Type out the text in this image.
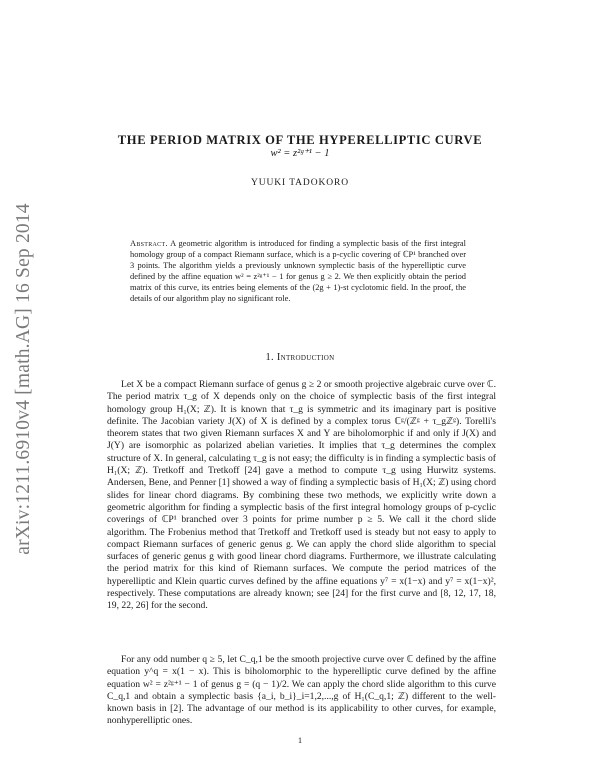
arXiv:1211.6910v4 [math.AG] 16 Sep 2014
THE PERIOD MATRIX OF THE HYPERELLIPTIC CURVE
w² = z²ᵍ⁺¹ − 1
YUUKI TADOKORO
Abstract. A geometric algorithm is introduced for finding a symplectic basis of the first integral homology group of a compact Riemann surface, which is a p-cyclic covering of ℂP¹ branched over 3 points. The algorithm yields a previously unknown symplectic basis of the hyperelliptic curve defined by the affine equation w² = z²ᵍ⁺¹ − 1 for genus g ≥ 2. We then explicitly obtain the period matrix of this curve, its entries being elements of the (2g + 1)-st cyclotomic field. In the proof, the details of our algorithm play no significant role.
1. Introduction

Let X be a compact Riemann surface of genus g ≥ 2 or smooth projective algebraic curve over ℂ. The period matrix τ_g of X depends only on the choice of symplectic basis of the first integral homology group H₁(X; ℤ). It is known that τ_g is symmetric and its imaginary part is positive definite. The Jacobian variety J(X) of X is defined by a complex torus ℂᵍ/(ℤᵍ + τ_gℤᵍ). Torelli's theorem states that two given Riemann surfaces X and Y are biholomorphic if and only if J(X) and J(Y) are isomorphic as polarized abelian varieties. It implies that τ_g determines the complex structure of X. In general, calculating τ_g is not easy; the difficulty is in finding a symplectic basis of H₁(X; ℤ). Tretkoff and Tretkoff [24] gave a method to compute τ_g using Hurwitz systems. Andersen, Bene, and Penner [1] showed a way of finding a symplectic basis of H₁(X; ℤ) using chord slides for linear chord diagrams. By combining these two methods, we explicitly write down a geometric algorithm for finding a symplectic basis of the first integral homology groups of p-cyclic coverings of ℂP¹ branched over 3 points for prime number p ≥ 5. We call it the chord slide algorithm. The Frobenius method that Tretkoff and Tretkoff used is steady but not easy to apply to compact Riemann surfaces of generic genus g. We can apply the chord slide algorithm to special surfaces of generic genus g with good linear chord diagrams. Furthermore, we illustrate calculating the period matrix for this kind of Riemann surfaces. We compute the period matrices of the hyperelliptic and Klein quartic curves defined by the affine equations y⁷ = x(1−x) and y⁷ = x(1−x)², respectively. These computations are already known; see [24] for the first curve and [8, 12, 17, 18, 19, 22, 26] for the second.

For any odd number q ≥ 5, let C_q,1 be the smooth projective curve over ℂ defined by the affine equation y^q = x(1 − x). This is biholomorphic to the hyperelliptic curve defined by the affine equation w² = z²ᵍ⁺¹ − 1 of genus g = (q − 1)/2. We can apply the chord slide algorithm to this curve C_q,1 and obtain a symplectic basis {a_i, b_i}_i=1,2,...,g of H₁(C_q,1; ℤ) different to the well-known basis in [2]. The advantage of our method is its applicability to other curves, for example, nonhyperelliptic ones.

1
